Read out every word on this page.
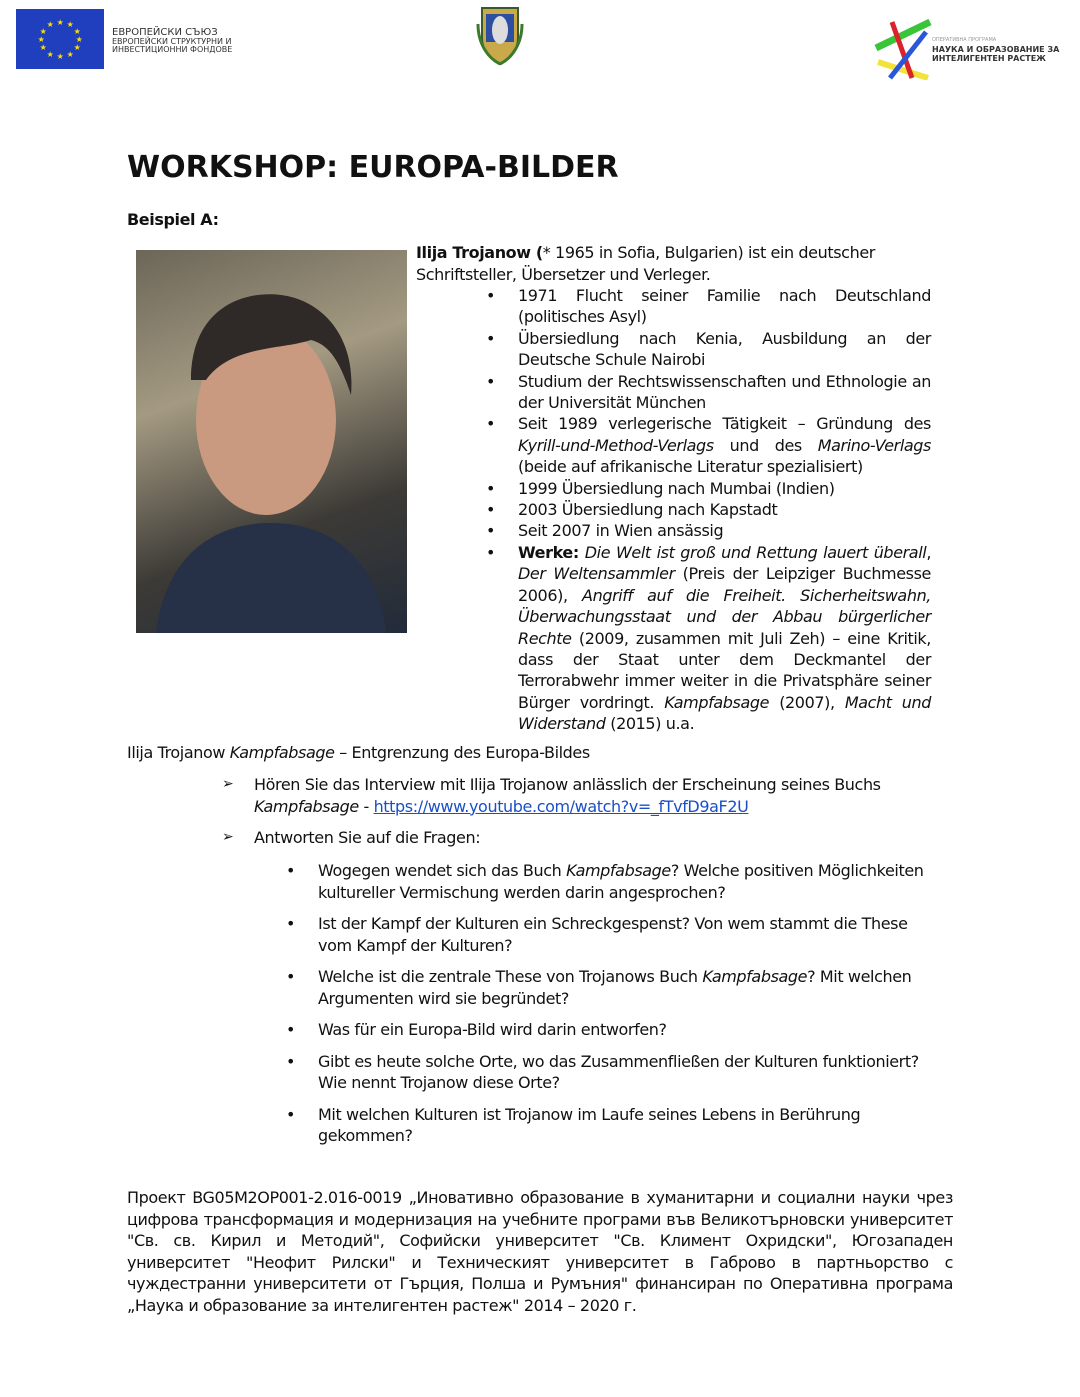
★ ★
★
★
★
★
★
★
★
★
★
★
ЕВРОПЕЙСКИ СЪЮЗ
ЕВРОПЕЙСКИ СТРУКТУРНИ И
ИНВЕСТИЦИОННИ ФОНДОВЕ
ОПЕРАТИВНА ПРОГРАМА
НАУКА И ОБРАЗОВАНИЕ ЗА
ИНТЕЛИГЕНТЕН РАСТЕЖ
WORKSHOP: EUROPA-BILDER
Beispiel A:
Ilija Trojanow (* 1965 in Sofia, Bulgarien) ist ein deutscher Schriftsteller, Übersetzer und Verleger.
• 1971 Flucht seiner Familie nach Deutschland (politisches Asyl)
• Übersiedlung nach Kenia, Ausbildung an der Deutsche Schule Nairobi
• Studium der Rechtswissenschaften und Ethnologie an der Universität München
• Seit 1989 verlegerische Tätigkeit – Gründung des Kyrill-und-Method-Verlags und des Marino-Verlags (beide auf afrikanische Literatur spezialisiert)
• 1999 Übersiedlung nach Mumbai (Indien)
• 2003 Übersiedlung nach Kapstadt
• Seit 2007 in Wien ansässig
• Werke: Die Welt ist groß und Rettung lauert überall, Der Weltensammler (Preis der Leipziger Buchmesse 2006), Angriff auf die Freiheit. Sicherheitswahn, Überwachungsstaat und der Abbau bürgerlicher Rechte (2009, zusammen mit Juli Zeh) – eine Kritik, dass der Staat unter dem Deckmantel der Terrorabwehr immer weiter in die Privatsphäre seiner Bürger vordringt. Kampfabsage (2007), Macht und Widerstand (2015) u.a.
Ilija Trojanow Kampfabsage – Entgrenzung des Europa-Bildes
➢ Hören Sie das Interview mit Ilija Trojanow anlässlich der Erscheinung seines Buchs Kampfabsage - https://www.youtube.com/watch?v=_fTvfD9aF2U
➢ Antworten Sie auf die Fragen:
• Wogegen wendet sich das Buch Kampfabsage? Welche positiven Möglichkeiten kultureller Vermischung werden darin angesprochen?
• Ist der Kampf der Kulturen ein Schreckgespenst? Von wem stammt die These vom Kampf der Kulturen?
• Welche ist die zentrale These von Trojanows Buch Kampfabsage? Mit welchen Argumenten wird sie begründet?
• Was für ein Europa-Bild wird darin entworfen?
• Gibt es heute solche Orte, wo das Zusammenfließen der Kulturen funktioniert? Wie nennt Trojanow diese Orte?
• Mit welchen Kulturen ist Trojanow im Laufe seines Lebens in Berührung gekommen?
Проект BG05M2OP001-2.016-0019 „Иновативно образование в хуманитарни и социални науки чрез цифрова трансформация и модернизация на учебните програми във Великотърновски университет "Св. св. Кирил и Методий", Софийски университет "Св. Климент Охридски", Югозападен университет "Неофит Рилски" и Техническият университет в Габрово в партньорство с чуждестранни университети от Гърция, Полша и Румъния" финансиран по Оперативна програма „Наука и образование за интелигентен растеж" 2014 – 2020 г.
